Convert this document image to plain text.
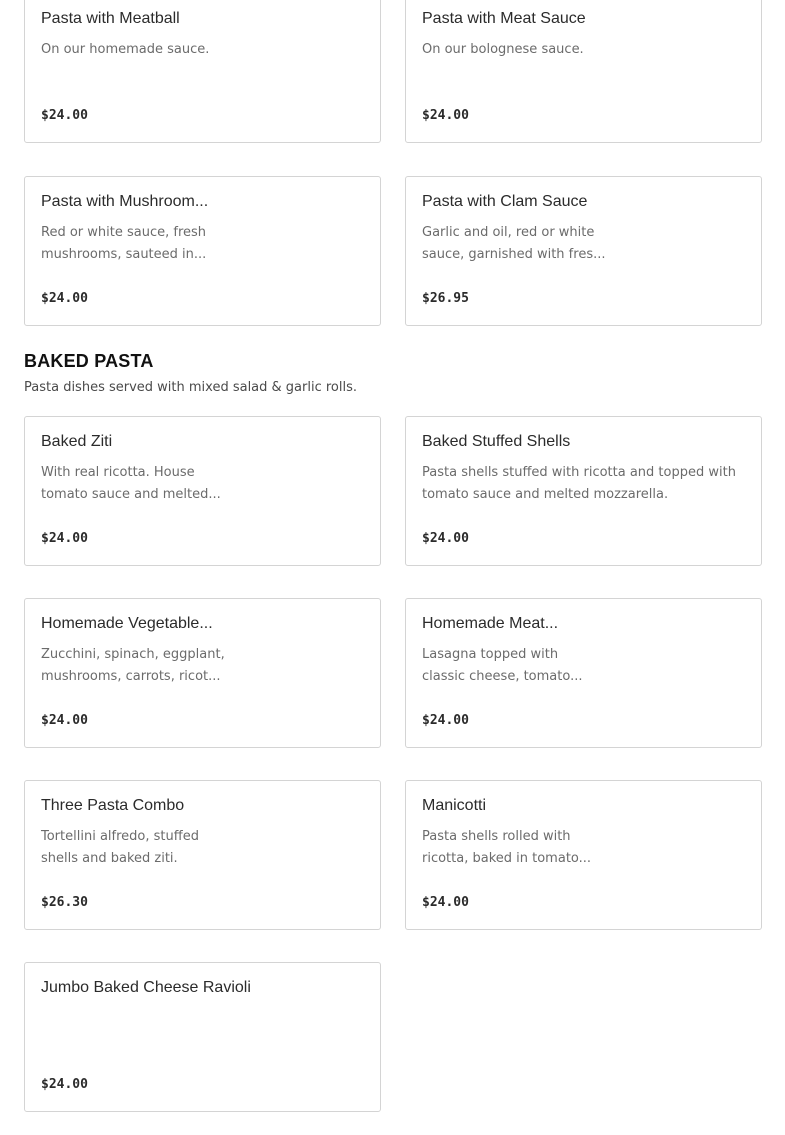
Pasta with Meatball
On our homemade sauce.
$24.00
Pasta with Meat Sauce
On our bolognese sauce.
$24.00
Pasta with Mushroom...
Red or white sauce, fresh
mushrooms, sauteed in...
$24.00
Pasta with Clam Sauce
Garlic and oil, red or white
sauce, garnished with fres...
$26.95
BAKED PASTA
Pasta dishes served with mixed salad & garlic rolls.
Baked Ziti
With real ricotta. House
tomato sauce and melted...
$24.00
Baked Stuffed Shells
Pasta shells stuffed with ricotta and topped with
tomato sauce and melted mozzarella.
$24.00
Homemade Vegetable...
Zucchini, spinach, eggplant,
mushrooms, carrots, ricot...
$24.00
Homemade Meat...
Lasagna topped with
classic cheese, tomato...
$24.00
Three Pasta Combo
Tortellini alfredo, stuffed
shells and baked ziti.
$26.30
Manicotti
Pasta shells rolled with
ricotta, baked in tomato...
$24.00
Jumbo Baked Cheese Ravioli
$24.00
